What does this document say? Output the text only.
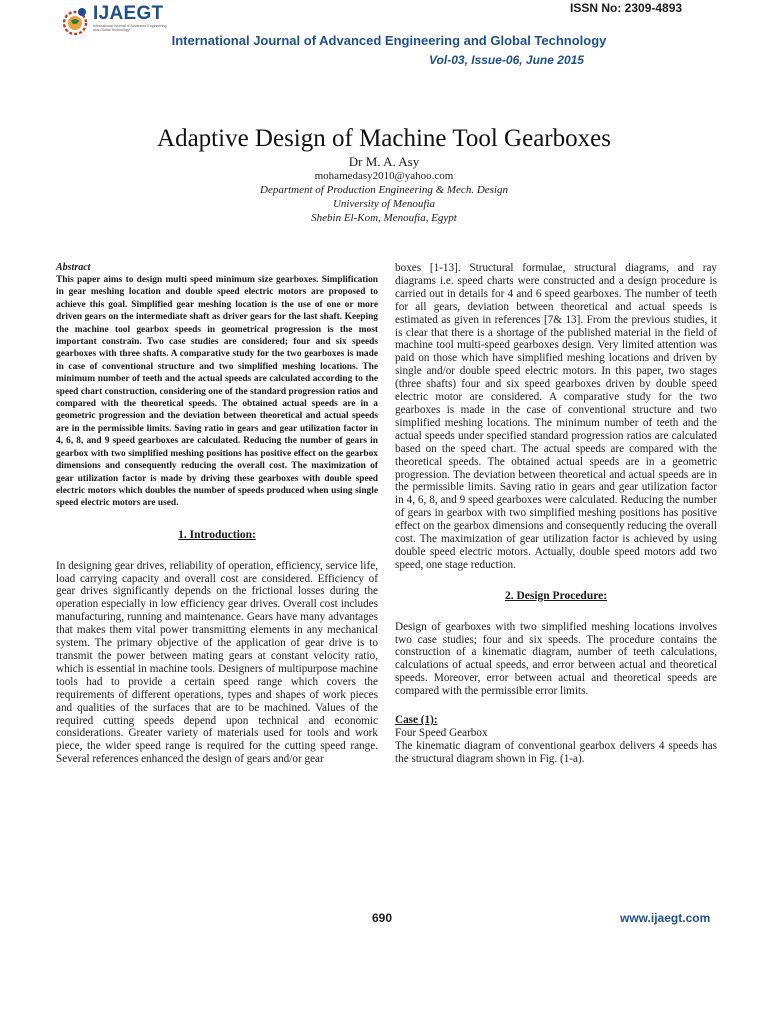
IJAEGT
International Journal of Advanced Engineering and Global Technology
ISSN No: 2309-4893
International Journal of Advanced Engineering and Global Technology
Vol-03, Issue-06, June 2015
Adaptive Design of Machine Tool Gearboxes
Dr M. A. Asy
mohamedasy2010@yahoo.com
Department of Production Engineering & Mech. Design
University of Menoufia
Shebin El-Kom, Menoufia, Egypt
Abstract

This paper aims to design multi speed minimum size gearboxes. Simplification in gear meshing location and double speed electric motors are proposed to achieve this goal. Simplified gear meshing location is the use of one or more driven gears on the intermediate shaft as driver gears for the last shaft. Keeping the machine tool gearbox speeds in geometrical progression is the most important constrain. Two case studies are considered; four and six speeds gearboxes with three shafts. A comparative study for the two gearboxes is made in case of conventional structure and two simplified meshing locations. The minimum number of teeth and the actual speeds are calculated according to the speed chart construction, considering one of the standard progression ratios and compared with the theoretical speeds. The obtained actual speeds are in a geometric progression and the deviation between theoretical and actual speeds are in the permissible limits. Saving ratio in gears and gear utilization factor in 4, 6, 8, and 9 speed gearboxes are calculated. Reducing the number of gears in gearbox with two simplified meshing positions has positive effect on the gearbox dimensions and consequently reducing the overall cost. The maximization of gear utilization factor is made by driving these gearboxes with double speed electric motors which doubles the number of speeds produced when using single speed electric motors are used.

1. Introduction:

In designing gear drives, reliability of operation, efficiency, service life, load carrying capacity and overall cost are considered. Efficiency of gear drives significantly depends on the frictional losses during the operation especially in low efficiency gear drives. Overall cost includes manufacturing, running and maintenance. Gears have many advantages that makes them vital power transmitting elements in any mechanical system. The primary objective of the application of gear drive is to transmit the power between mating gears at constant velocity ratio, which is essential in machine tools. Designers of multipurpose machine tools had to provide a certain speed range which covers the requirements of different operations, types and shapes of work pieces and qualities of the surfaces that are to be machined. Values of the required cutting speeds depend upon technical and economic considerations. Greater variety of materials used for tools and work piece, the wider speed range is required for the cutting speed range. Several references enhanced the design of gears and/or gear

boxes [1-13]. Structural formulae, structural diagrams, and ray diagrams i.e. speed charts were constructed and a design procedure is carried out in details for 4 and 6 speed gearboxes. The number of teeth for all gears, deviation between theoretical and actual speeds is estimated as given in references [7& 13]. From the previous studies, it is clear that there is a shortage of the published material in the field of machine tool multi-speed gearboxes design. Very limited attention was paid on those which have simplified meshing locations and driven by single and/or double speed electric motors. In this paper, two stages (three shafts) four and six speed gearboxes driven by double speed electric motor are considered. A comparative study for the two gearboxes is made in the case of conventional structure and two simplified meshing locations. The minimum number of teeth and the actual speeds under specified standard progression ratios are calculated based on the speed chart. The actual speeds are compared with the theoretical speeds. The obtained actual speeds are in a geometric progression. The deviation between theoretical and actual speeds are in the permissible limits. Saving ratio in gears and gear utilization factor in 4, 6, 8, and 9 speed gearboxes were calculated. Reducing the number of gears in gearbox with two simplified meshing positions has positive effect on the gearbox dimensions and consequently reducing the overall cost. The maximization of gear utilization factor is achieved by using double speed electric motors. Actually, double speed motors add two speed, one stage reduction.

2. Design Procedure:

Design of gearboxes with two simplified meshing locations involves two case studies; four and six speeds. The procedure contains the construction of a kinematic diagram, number of teeth calculations, calculations of actual speeds, and error between actual and theoretical speeds. Moreover, error between actual and theoretical speeds are compared with the permissible error limits.

Case (1):
Four Speed Gearbox

The kinematic diagram of conventional gearbox delivers 4 speeds has the structural diagram shown in Fig. (1-a).

690	www.ijaegt.com
